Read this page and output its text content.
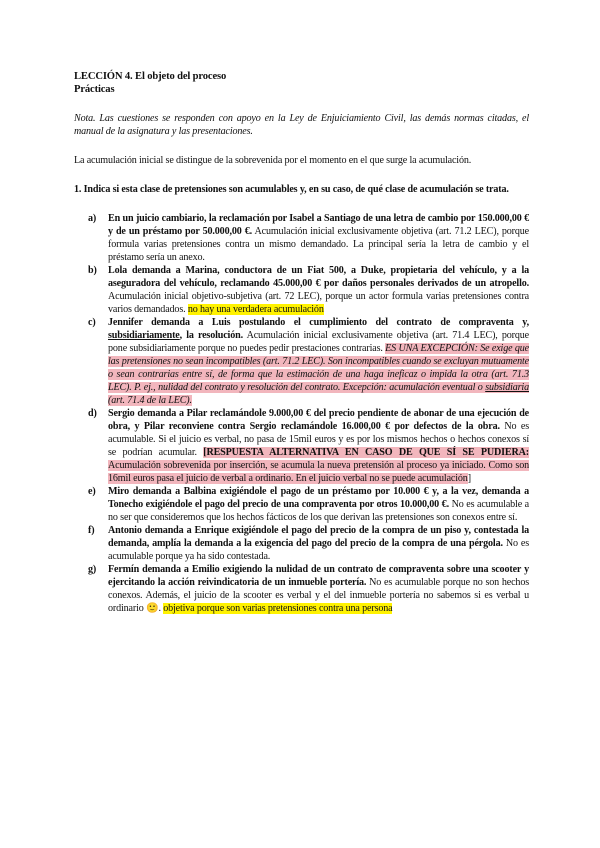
LECCIÓN 4. El objeto del proceso

Prácticas

Nota. Las cuestiones se responden con apoyo en la Ley de Enjuiciamiento Civil, las demás normas citadas, el manual de la asignatura y las presentaciones.

La acumulación inicial se distingue de la sobrevenida por el momento en el que surge la acumulación.

1. Indica si esta clase de pretensiones son acumulables y, en su caso, de qué clase de acumulación se trata.

a) En un juicio cambiario, la reclamación por Isabel a Santiago de una letra de cambio por 150.000,00 € y de un préstamo por 50.000,00 €. Acumulación inicial exclusivamente objetiva (art. 71.2 LEC), porque formula varias pretensiones contra un mismo demandado. La principal sería la letra de cambio y el préstamo sería un anexo.
b) Lola demanda a Marina, conductora de un Fiat 500, a Duke, propietaria del vehículo, y a la aseguradora del vehículo, reclamando 45.000,00 € por daños personales derivados de un atropello. Acumulación inicial objetivo-subjetiva (art. 72 LEC), porque un actor formula varias pretensiones contra varios demandados. no hay una verdadera acumulación
c) Jennifer demanda a Luis postulando el cumplimiento del contrato de compraventa y, subsidiariamente, la resolución. Acumulación inicial exclusivamente objetiva (art. 71.4 LEC), porque pone subsidiariamente porque no puedes pedir prestaciones contrarias. ES UNA EXCEPCIÓN: Se exige que las pretensiones no sean incompatibles (art. 71.2 LEC). Son incompatibles cuando se excluyan mutuamente o sean contrarias entre sí, de forma que la estimación de una haga ineficaz o impida la otra (art. 71.3 LEC). P. ej., nulidad del contrato y resolución del contrato. Excepción: acumulación eventual o subsidiaria (art. 71.4 de la LEC).
d) Sergio demanda a Pilar reclamándole 9.000,00 € del precio pendiente de abonar de una ejecución de obra, y Pilar reconviene contra Sergio reclamándole 16.000,00 € por defectos de la obra. No es acumulable. Si el juicio es verbal, no pasa de 15mil euros y es por los mismos hechos o hechos conexos sí se podrían acumular. [RESPUESTA ALTERNATIVA EN CASO DE QUE SÍ SE PUDIERA: Acumulación sobrevenida por inserción, se acumula la nueva pretensión al proceso ya iniciado. Como son 16mil euros pasa el juicio de verbal a ordinario. En el juicio verbal no se puede acumulación]
e) Miro demanda a Balbina exigiéndole el pago de un préstamo por 10.000 € y, a la vez, demanda a Tonecho exigiéndole el pago del precio de una compraventa por otros 10.000,00 €. No es acumulable a no ser que consideremos que los hechos fácticos de los que derivan las pretensiones son conexos entre sí.
f) Antonio demanda a Enrique exigiéndole el pago del precio de la compra de un piso y, contestada la demanda, amplía la demanda a la exigencia del pago del precio de la compra de una pérgola. No es acumulable porque ya ha sido contestada.
g) Fermín demanda a Emilio exigiendo la nulidad de un contrato de compraventa sobre una scooter y ejercitando la acción reivindicatoria de un inmueble portería. No es acumulable porque no son hechos conexos. Además, el juicio de la scooter es verbal y el del inmueble portería no sabemos si es verbal u ordinario 🙂. objetiva porque son varias pretensiones contra una persona
